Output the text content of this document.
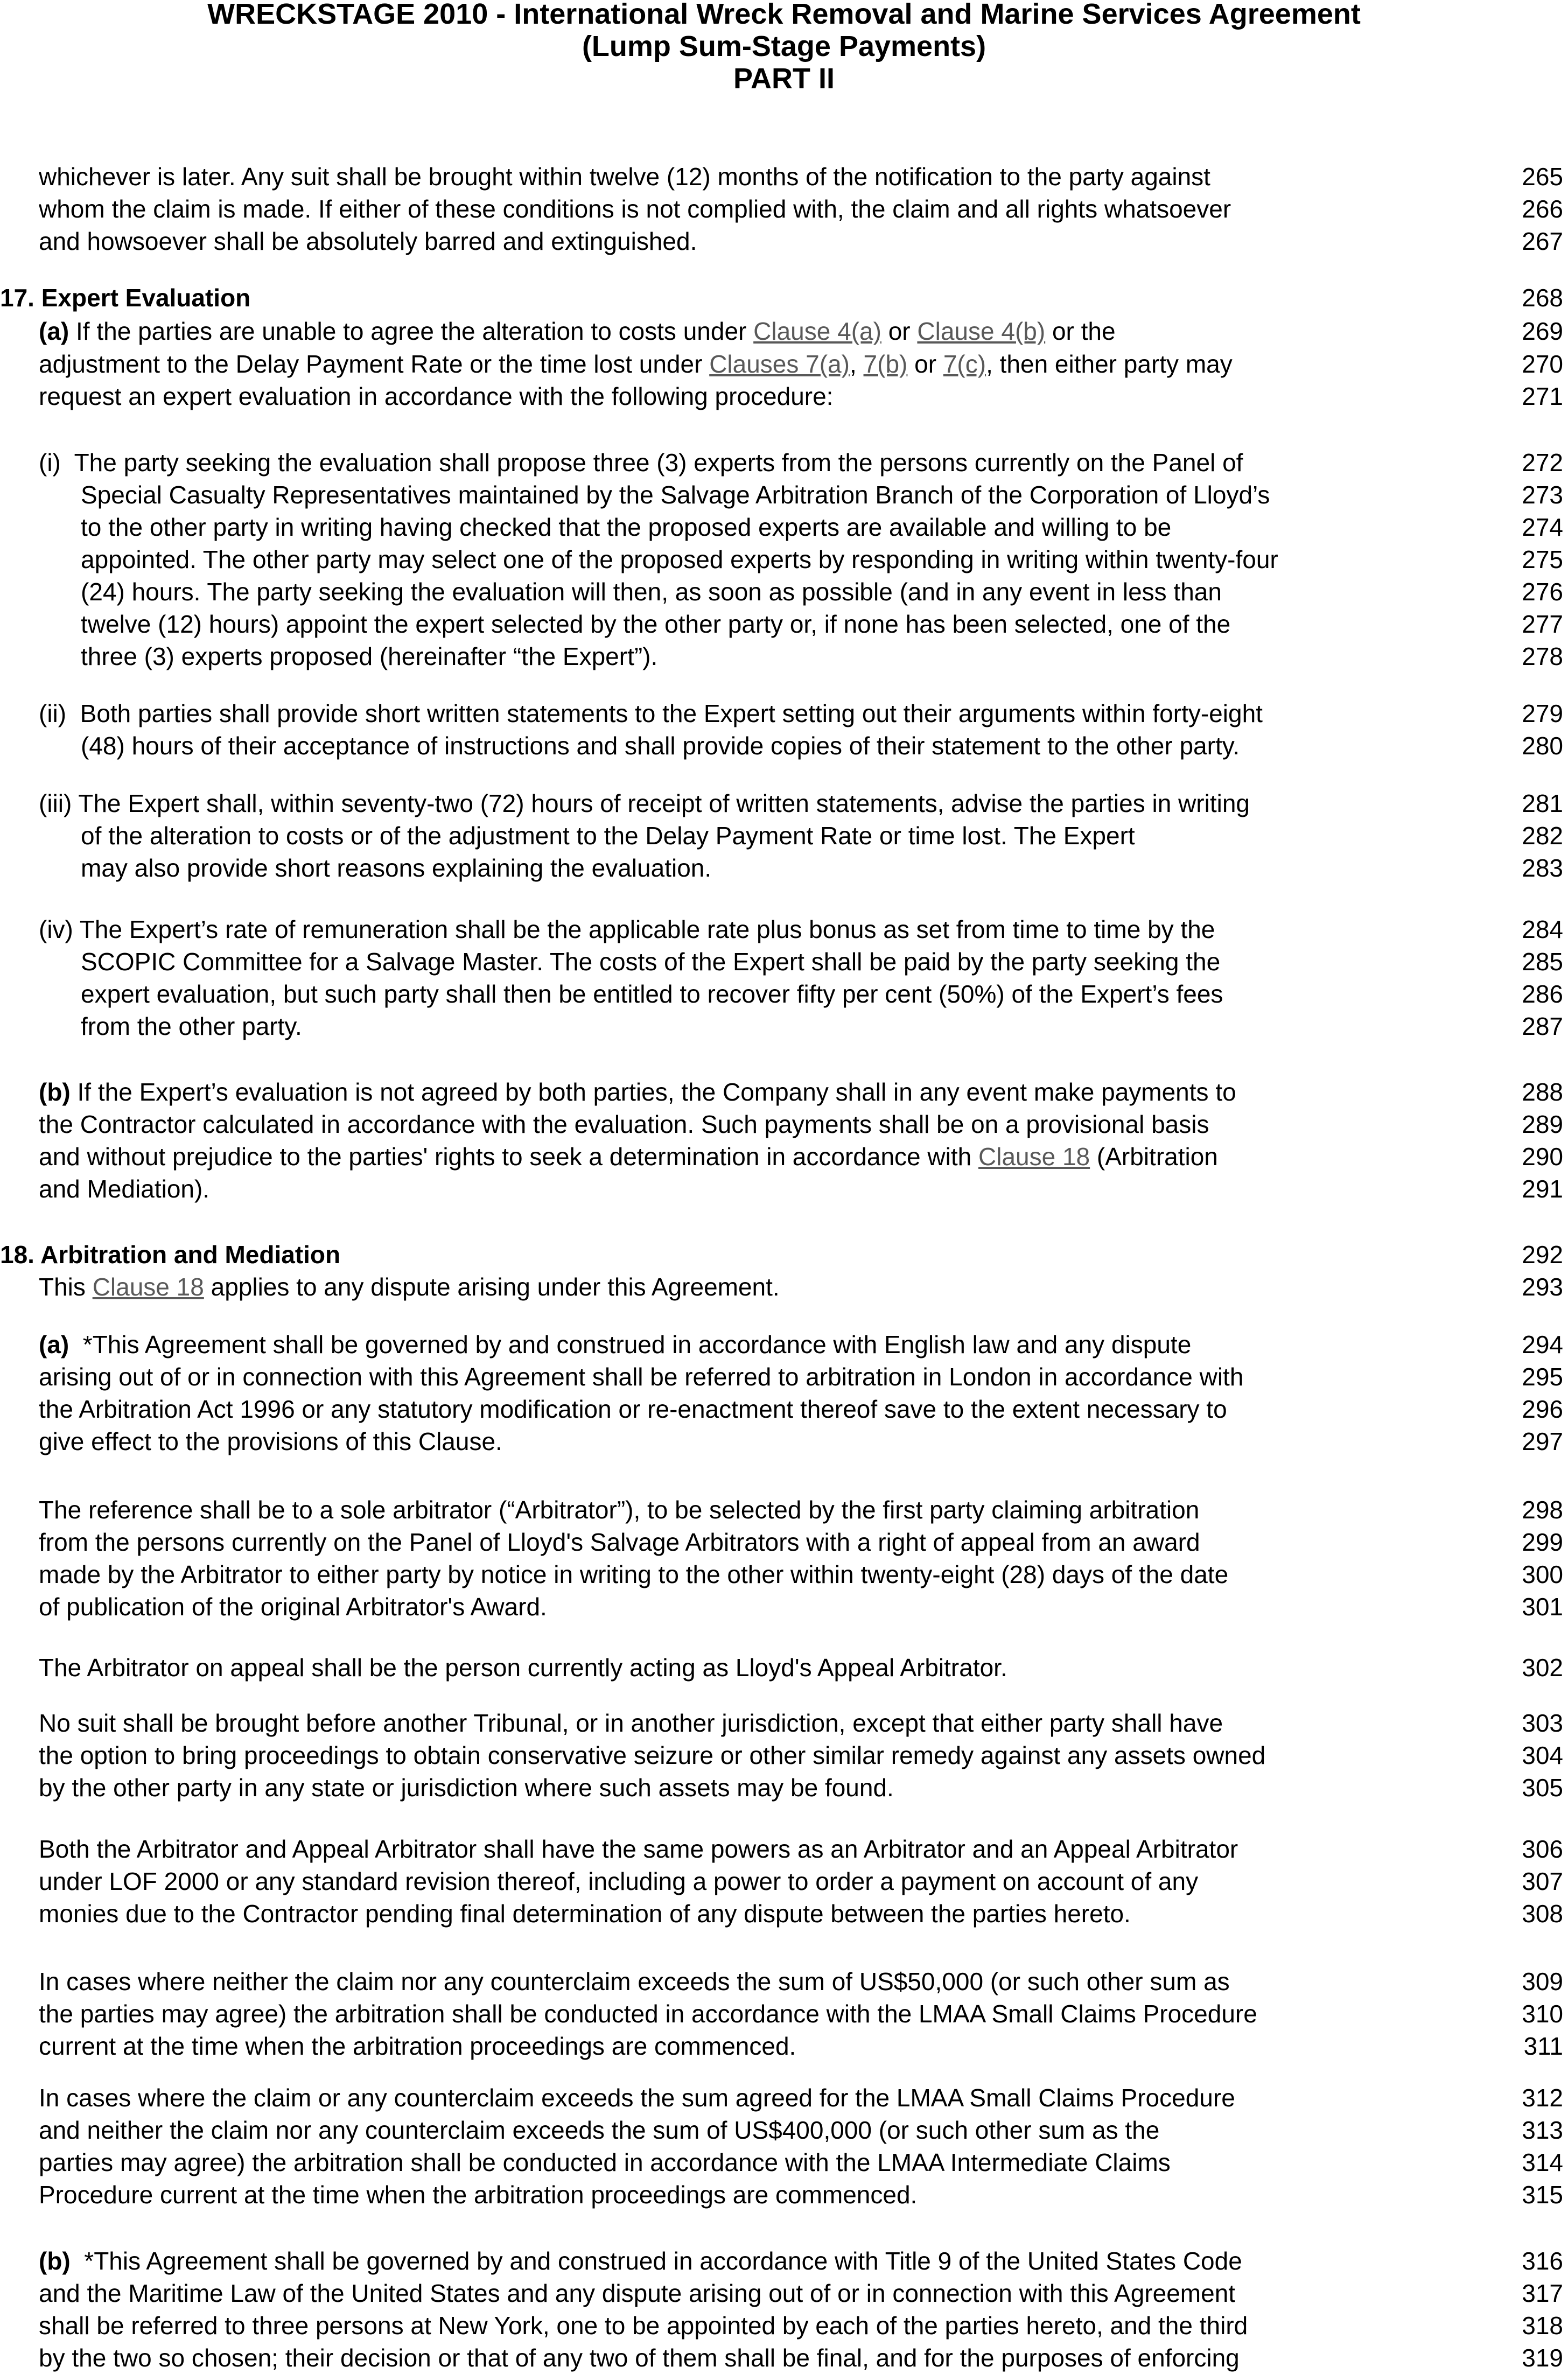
WRECKSTAGE 2010 - International Wreck Removal and Marine Services Agreement
(Lump Sum-Stage Payments)
PART II
whichever is later. Any suit shall be brought within twelve (12) months of the notification to the party against	265
whom the claim is made. If either of these conditions is not complied with, the claim and all rights whatsoever	266
and howsoever shall be absolutely barred and extinguished.	267
17. Expert Evaluation	268
(a) If the parties are unable to agree the alteration to costs under Clause 4(a) or Clause 4(b) or the	269
adjustment to the Delay Payment Rate or the time lost under Clauses 7(a), 7(b) or 7(c), then either party may	270
request an expert evaluation in accordance with the following procedure:	271
(i)  The party seeking the evaluation shall propose three (3) experts from the persons currently on the Panel of	272
Special Casualty Representatives maintained by the Salvage Arbitration Branch of the Corporation of Lloyd’s	273
to the other party in writing having checked that the proposed experts are available and willing to be	274
appointed. The other party may select one of the proposed experts by responding in writing within twenty-four	275
(24) hours. The party seeking the evaluation will then, as soon as possible (and in any event in less than	276
twelve (12) hours) appoint the expert selected by the other party or, if none has been selected, one of the	277
three (3) experts proposed (hereinafter “the Expert”).	278
(ii)  Both parties shall provide short written statements to the Expert setting out their arguments within forty-eight	279
(48) hours of their acceptance of instructions and shall provide copies of their statement to the other party.	280
(iii) The Expert shall, within seventy-two (72) hours of receipt of written statements, advise the parties in writing	281
of the alteration to costs or of the adjustment to the Delay Payment Rate or time lost. The Expert	282
may also provide short reasons explaining the evaluation.	283
(iv) The Expert’s rate of remuneration shall be the applicable rate plus bonus as set from time to time by the	284
SCOPIC Committee for a Salvage Master. The costs of the Expert shall be paid by the party seeking the	285
expert evaluation, but such party shall then be entitled to recover fifty per cent (50%) of the Expert’s fees	286
from the other party.	287
(b) If the Expert’s evaluation is not agreed by both parties, the Company shall in any event make payments to	288
the Contractor calculated in accordance with the evaluation. Such payments shall be on a provisional basis	289
and without prejudice to the parties' rights to seek a determination in accordance with Clause 18 (Arbitration	290
and Mediation).	291
18. Arbitration and Mediation	292
This Clause 18 applies to any dispute arising under this Agreement.	293
(a)  *This Agreement shall be governed by and construed in accordance with English law and any dispute	294
arising out of or in connection with this Agreement shall be referred to arbitration in London in accordance with	295
the Arbitration Act 1996 or any statutory modification or re-enactment thereof save to the extent necessary to	296
give effect to the provisions of this Clause.	297
The reference shall be to a sole arbitrator (“Arbitrator”), to be selected by the first party claiming arbitration	298
from the persons currently on the Panel of Lloyd's Salvage Arbitrators with a right of appeal from an award	299
made by the Arbitrator to either party by notice in writing to the other within twenty-eight (28) days of the date	300
of publication of the original Arbitrator's Award.	301
The Arbitrator on appeal shall be the person currently acting as Lloyd's Appeal Arbitrator.	302
No suit shall be brought before another Tribunal, or in another jurisdiction, except that either party shall have	303
the option to bring proceedings to obtain conservative seizure or other similar remedy against any assets owned	304
by the other party in any state or jurisdiction where such assets may be found.	305
Both the Arbitrator and Appeal Arbitrator shall have the same powers as an Arbitrator and an Appeal Arbitrator	306
under LOF 2000 or any standard revision thereof, including a power to order a payment on account of any	307
monies due to the Contractor pending final determination of any dispute between the parties hereto.	308
In cases where neither the claim nor any counterclaim exceeds the sum of US$50,000 (or such other sum as	309
the parties may agree) the arbitration shall be conducted in accordance with the LMAA Small Claims Procedure	310
current at the time when the arbitration proceedings are commenced.	311
In cases where the claim or any counterclaim exceeds the sum agreed for the LMAA Small Claims Procedure	312
and neither the claim nor any counterclaim exceeds the sum of US$400,000 (or such other sum as the	313
parties may agree) the arbitration shall be conducted in accordance with the LMAA Intermediate Claims	314
Procedure current at the time when the arbitration proceedings are commenced.	315
(b)  *This Agreement shall be governed by and construed in accordance with Title 9 of the United States Code	316
and the Maritime Law of the United States and any dispute arising out of or in connection with this Agreement	317
shall be referred to three persons at New York, one to be appointed by each of the parties hereto, and the third	318
by the two so chosen; their decision or that of any two of them shall be final, and for the purposes of enforcing	319
